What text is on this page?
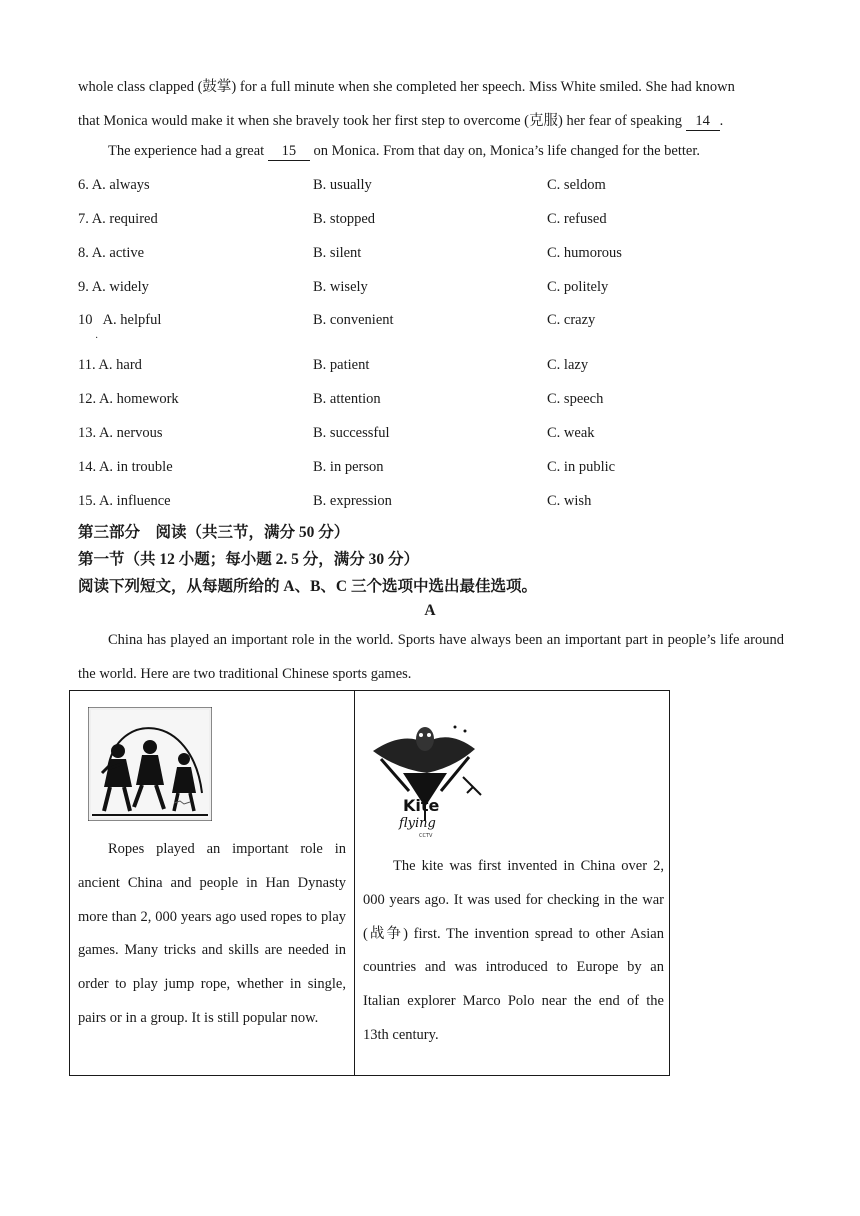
whole class clapped (鼓掌) for a full minute when she completed her speech. Miss White smiled. She had known
that Monica would make it when she bravely took her first step to overcome (克服) her fear of speaking 14 .
The experience had a great 15 on Monica. From that day on, Monica’s life changed for the better.
6. A. always	B. usually	C. seldom
7. A. required	B. stopped	C. refused
8. A. active	B. silent	C. humorous
9. A. widely	B. wisely	C. politely
10   A. helpful	B. convenient	C. crazy
·
11. A. hard	B. patient	C. lazy
12. A. homework	B. attention	C. speech
13. A. nervous	B. successful	C. weak
14. A. in trouble	B. in person	C. in public
15. A. influence	B. expression	C. wish
第三部分　阅读（共三节，满分 50 分）
第一节（共 12 小题；每小题 2. 5 分，满分 30 分）
阅读下列短文，从每题所给的 A、B、C 三个选项中选出最佳选项。
A
China has played an important role in the world. Sports have always been an important part in people’s life around the world. Here are two traditional Chinese sports games.
Ropes played an important role in ancient China and people in Han Dynasty more than 2, 000 years ago used ropes to play games. Many tricks and skills are needed in order to play jump rope, whether in single, pairs or in a group. It is still popular now.

Kite
flying
CCTV
The kite was first invented in China over 2, 000 years ago. It was used for checking in the war (战争) first. The invention spread to other Asian countries and was introduced to Europe by an Italian explorer Marco Polo near the end of the 13th century.
